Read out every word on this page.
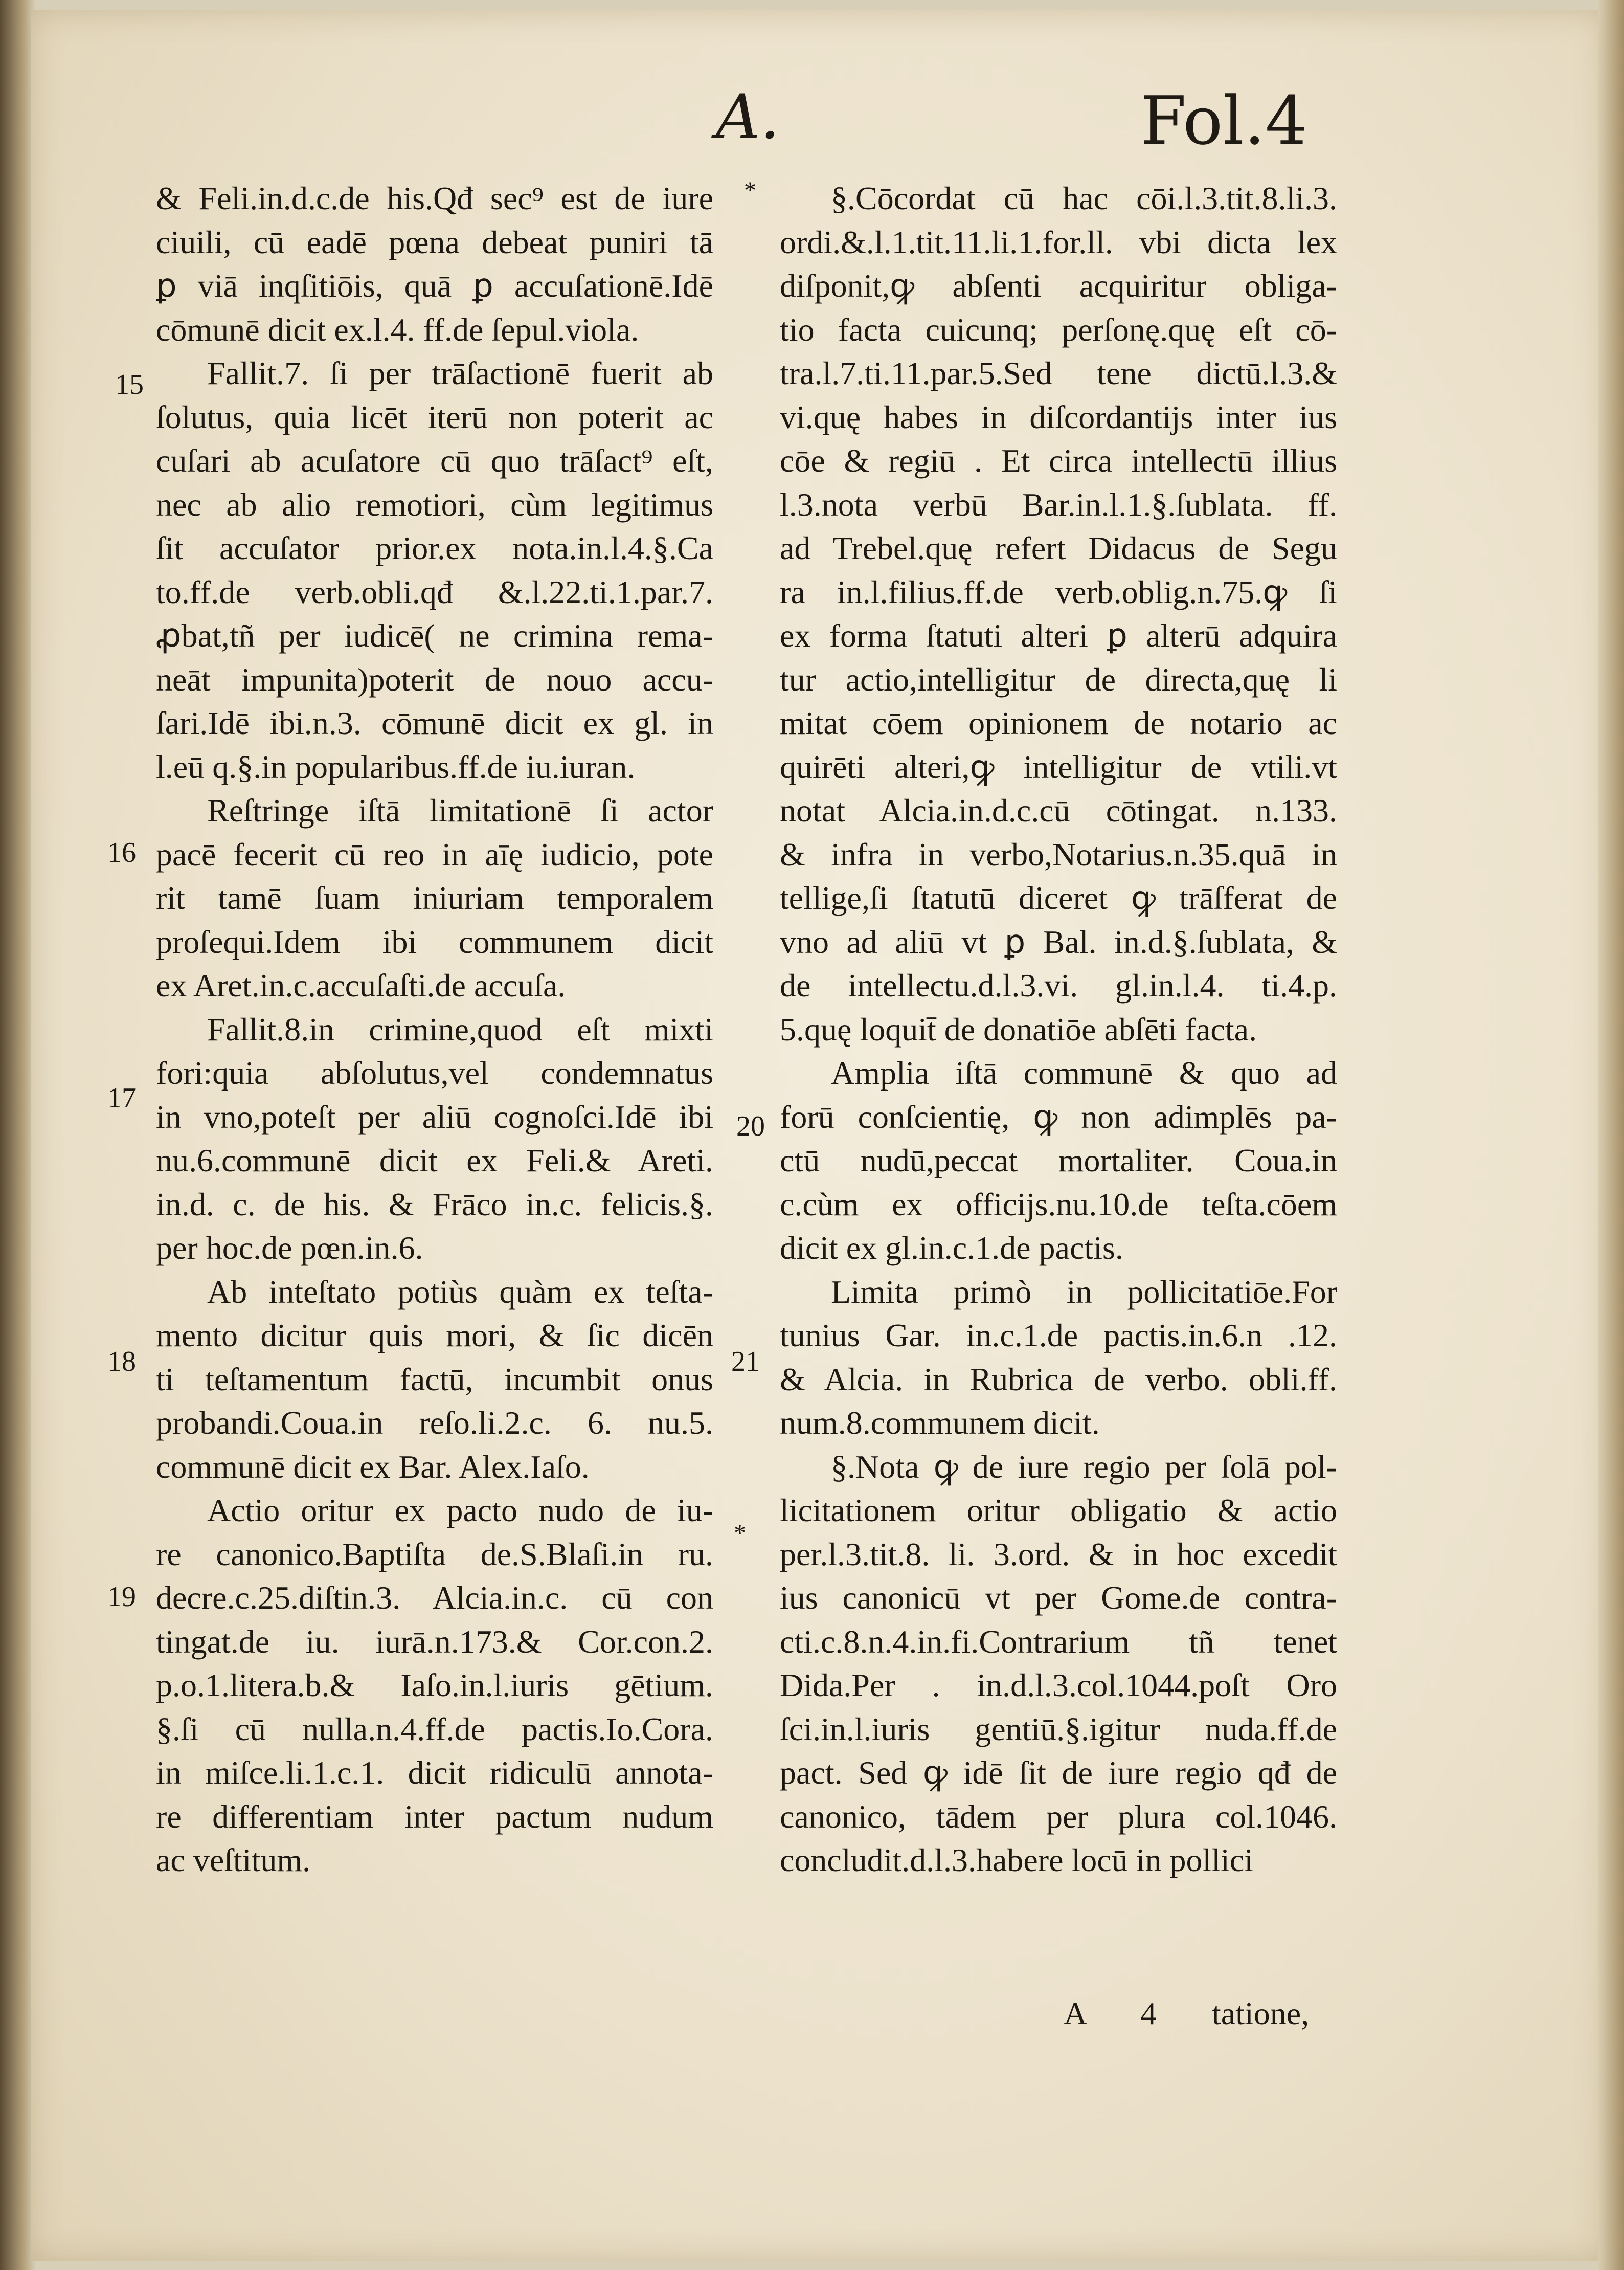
A.	Fol.4
& Feli.in.d.c.de his.Qđ sec⁹ est de iure
ciuili, cū eadē pœna debeat puniri tā
ꝑ viā inqſitiōis, quā ꝑ accuſationē.Idē
cōmunē dicit ex.l.4. ff.de ſepul.viola.
Fallit.7. ſi per trāſactionē fuerit ab
ſolutus, quia licēt iterū non poterit ac
cuſari ab acuſatore cū quo trāſact⁹ eſt,
nec ab alio remotiori, cùm legitimus
ſit accuſator prior.ex nota.in.l.4.§.Ca
to.ff.de verb.obli.qđ &.l.22.ti.1.par.7.
ꝓbat,tñ per iudicē( ne crimina rema-
neāt impunita)poterit de nouo accu-
ſari.Idē ibi.n.3. cōmunē dicit ex gl. in
l.eū q.§.in popularibus.ff.de iu.iuran.
Reſtringe iſtā limitationē ſi actor
pacē fecerit cū reo in aīę iudicio, pote
rit tamē ſuam iniuriam temporalem
proſequi.Idem ibi communem dicit
ex Aret.in.c.accuſaſti.de accuſa.
Fallit.8.in crimine,quod eſt mixti
fori:quia abſolutus,vel condemnatus
in vno,poteſt per aliū cognoſci.Idē ibi
nu.6.communē dicit ex Feli.& Areti.
in.d. c. de his. & Frāco in.c. felicis.§.
per hoc.de pœn.in.6.
Ab inteſtato potiùs quàm ex teſta-
mento dicitur quis mori, & ſic dicēn
ti teſtamentum factū, incumbit onus
probandi.Coua.in reſo.li.2.c. 6. nu.5.
communē dicit ex Bar. Alex.Iaſo.
Actio oritur ex pacto nudo de iu-
re canonico.Baptiſta de.S.Blaſi.in ru.
decre.c.25.diſtin.3. Alcia.in.c. cū con
tingat.de iu. iurā.n.173.& Cor.con.2.
p.o.1.litera.b.& Iaſo.in.l.iuris gētium.
§.ſi cū nulla.n.4.ff.de pactis.Io.Cora.
in miſce.li.1.c.1. dicit ridiculū annota-
re differentiam inter pactum nudum
ac veſtitum.
§.Cōcordat cū hac cōi.l.3.tit.8.li.3.
ordi.&.l.1.tit.11.li.1.for.ll. vbi dicta lex
diſponit,ꝙ abſenti acquiritur obliga-
tio facta cuicunq; perſonę.quę eſt cō-
tra.l.7.ti.11.par.5.Sed tene dictū.l.3.&
vi.quę habes in diſcordantijs inter ius
cōe & regiū . Et circa intellectū illius
l.3.nota verbū Bar.in.l.1.§.ſublata. ff.
ad Trebel.quę refert Didacus de Segu
ra in.l.filius.ff.de verb.oblig.n.75.ꝙ ſi
ex forma ſtatuti alteri ꝑ alterū adquira
tur actio,intelligitur de directa,quę li
mitat cōem opinionem de notario ac
quirēti alteri,ꝙ intelligitur de vtili.vt
notat Alcia.in.d.c.cū cōtingat. n.133.
& infra in verbo,Notarius.n.35.quā in
tellige,ſi ſtatutū diceret ꝙ trāſferat de
vno ad aliū vt ꝑ Bal. in.d.§.ſublata, &
de intellectu.d.l.3.vi. gl.in.l.4. ti.4.p.
5.quę loquit̄ de donatiōe abſēti facta.
Amplia iſtā communē & quo ad
forū conſcientię, ꝙ non adimplēs pa-
ctū nudū,peccat mortaliter. Coua.in
c.cùm ex officijs.nu.10.de teſta.cōem
dicit ex gl.in.c.1.de pactis.
Limita primò in pollicitatiōe.For
tunius Gar. in.c.1.de pactis.in.6.n .12.
& Alcia. in Rubrica de verbo. obli.ff.
num.8.communem dicit.
§.Nota ꝙ de iure regio per ſolā pol-
licitationem oritur obligatio & actio
per.l.3.tit.8. li. 3.ord. & in hoc excedit
ius canonicū vt per Gome.de contra-
cti.c.8.n.4.in.fi.Contrarium tñ tenet
Dida.Per . in.d.l.3.col.1044.poſt Oro
ſci.in.l.iuris gentiū.§.igitur nuda.ff.de
pact. Sed ꝙ idē ſit de iure regio qđ de
canonico, tādem per plura col.1046.
concludit.d.l.3.habere locū in pollici
15
16
17
18
19
20
21
*
*
A 4 tatione,
